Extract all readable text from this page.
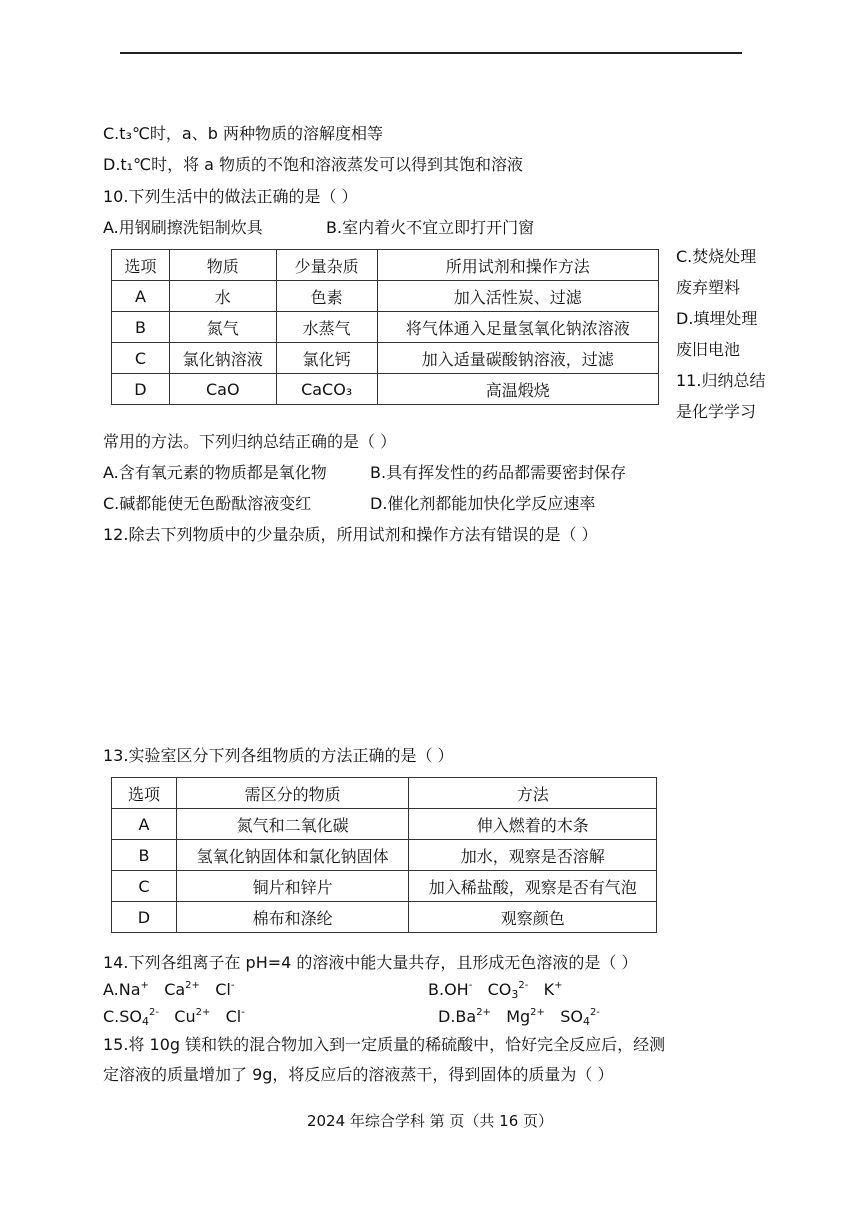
C.t₃℃时，a、b 两种物质的溶解度相等
D.t₁℃时，将 a 物质的不饱和溶液蒸发可以得到其饱和溶液
10.下列生活中的做法正确的是（ ）
A.用钢刷擦洗铝制炊具	B.室内着火不宜立即打开门窗
选项	物质	少量杂质	所用试剂和操作方法
A	水	色素	加入活性炭、过滤
B	氮气	水蒸气	将气体通入足量氢氧化钠浓溶液
C	氯化钠溶液	氯化钙	加入适量碳酸钠溶液，过滤
D	CaO	CaCO₃	高温煅烧
C.焚烧处理
废弃塑料
D.填埋处理
废旧电池
11.归纳总结
是化学学习
常用的方法。下列归纳总结正确的是（ ）
A.含有氧元素的物质都是氧化物	B.具有挥发性的药品都需要密封保存
C.碱都能使无色酚酞溶液变红	D.催化剂都能加快化学反应速率
12.除去下列物质中的少量杂质，所用试剂和操作方法有错误的是（ ）
13.实验室区分下列各组物质的方法正确的是（ ）
选项	需区分的物质	方法
A	氮气和二氧化碳	伸入燃着的木条
B	氢氧化钠固体和氯化钠固体	加水，观察是否溶解
C	铜片和锌片	加入稀盐酸，观察是否有气泡
D	棉布和涤纶	观察颜色
14.下列各组离子在 pH=4 的溶液中能大量共存，且形成无色溶液的是（ ）
A.Na+ $Ca^{2+}$ Cl-	B.OH- $CO_3^{2-}$ K+
$C.SO_4^{2-}$ $Cu^{2+}$ Cl-	$D.Ba^{2+}$ $Mg^{2+}$ $SO_4^{2-}$
15.将 10g 镁和铁的混合物加入到一定质量的稀硫酸中，恰好完全反应后，经测
定溶液的质量增加了 9g，将反应后的溶液蒸干，得到固体的质量为（ ）
2024 年综合学科 第 页（共 16 页）
